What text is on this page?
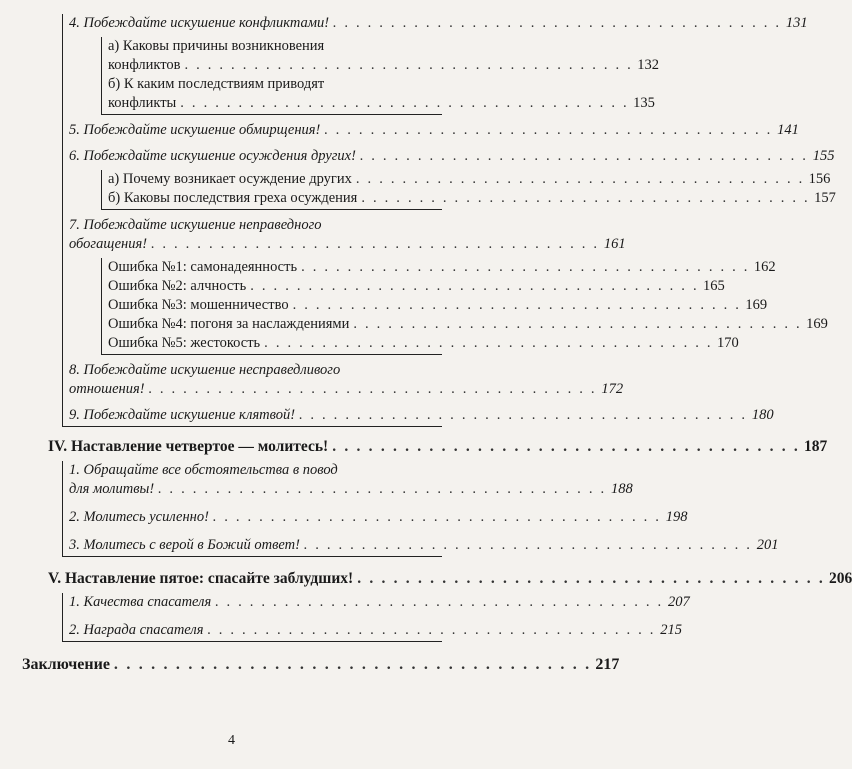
4. Побеждайте искушение конфликтами! . . . . . . . . . . . . . . . . . . . . . . . . . . . . . . . . . . . . . . . 131
а) Каковы причины возникновения
конфликтов . . . . . . . . . . . . . . . . . . . . . . . . . . . . . . . . . . . . . . . 132
б) К каким последствиям приводят
конфликты . . . . . . . . . . . . . . . . . . . . . . . . . . . . . . . . . . . . . . . 135
5. Побеждайте искушение обмирщения! . . . . . . . . . . . . . . . . . . . . . . . . . . . . . . . . . . . . . . . 141
6. Побеждайте искушение осуждения других! . . . . . . . . . . . . . . . . . . . . . . . . . . . . . . . . . . . . . . . 155
а) Почему возникает осуждение других . . . . . . . . . . . . . . . . . . . . . . . . . . . . . . . . . . . . . . . 156
б) Каковы последствия греха осуждения . . . . . . . . . . . . . . . . . . . . . . . . . . . . . . . . . . . . . . . 157
7. Побеждайте искушение неправедного
обогащения! . . . . . . . . . . . . . . . . . . . . . . . . . . . . . . . . . . . . . . . 161
Ошибка №1: самонадеянность . . . . . . . . . . . . . . . . . . . . . . . . . . . . . . . . . . . . . . . 162
Ошибка №2: алчность . . . . . . . . . . . . . . . . . . . . . . . . . . . . . . . . . . . . . . . 165
Ошибка №3: мошенничество . . . . . . . . . . . . . . . . . . . . . . . . . . . . . . . . . . . . . . . 169
Ошибка №4: погоня за наслаждениями . . . . . . . . . . . . . . . . . . . . . . . . . . . . . . . . . . . . . . . 169
Ошибка №5: жестокость . . . . . . . . . . . . . . . . . . . . . . . . . . . . . . . . . . . . . . . 170
8. Побеждайте искушение несправедливого
отношения! . . . . . . . . . . . . . . . . . . . . . . . . . . . . . . . . . . . . . . . 172
9. Побеждайте искушение клятвой! . . . . . . . . . . . . . . . . . . . . . . . . . . . . . . . . . . . . . . . 180
IV. Наставление четвертое — молитесь! . . . . . . . . . . . . . . . . . . . . . . . . . . . . . . . . . . . . . . . 187
1. Обращайте все обстоятельства в повод
для молитвы! . . . . . . . . . . . . . . . . . . . . . . . . . . . . . . . . . . . . . . . 188
2. Молитесь усиленно! . . . . . . . . . . . . . . . . . . . . . . . . . . . . . . . . . . . . . . . 198
3. Молитесь с верой в Божий ответ! . . . . . . . . . . . . . . . . . . . . . . . . . . . . . . . . . . . . . . . 201
V. Наставление пятое: спасайте заблудших! . . . . . . . . . . . . . . . . . . . . . . . . . . . . . . . . . . . . . . . 206
1. Качества спасателя . . . . . . . . . . . . . . . . . . . . . . . . . . . . . . . . . . . . . . . 207
2. Награда спасателя . . . . . . . . . . . . . . . . . . . . . . . . . . . . . . . . . . . . . . . 215
Заключение . . . . . . . . . . . . . . . . . . . . . . . . . . . . . . . . . . . . . . . 217
4
